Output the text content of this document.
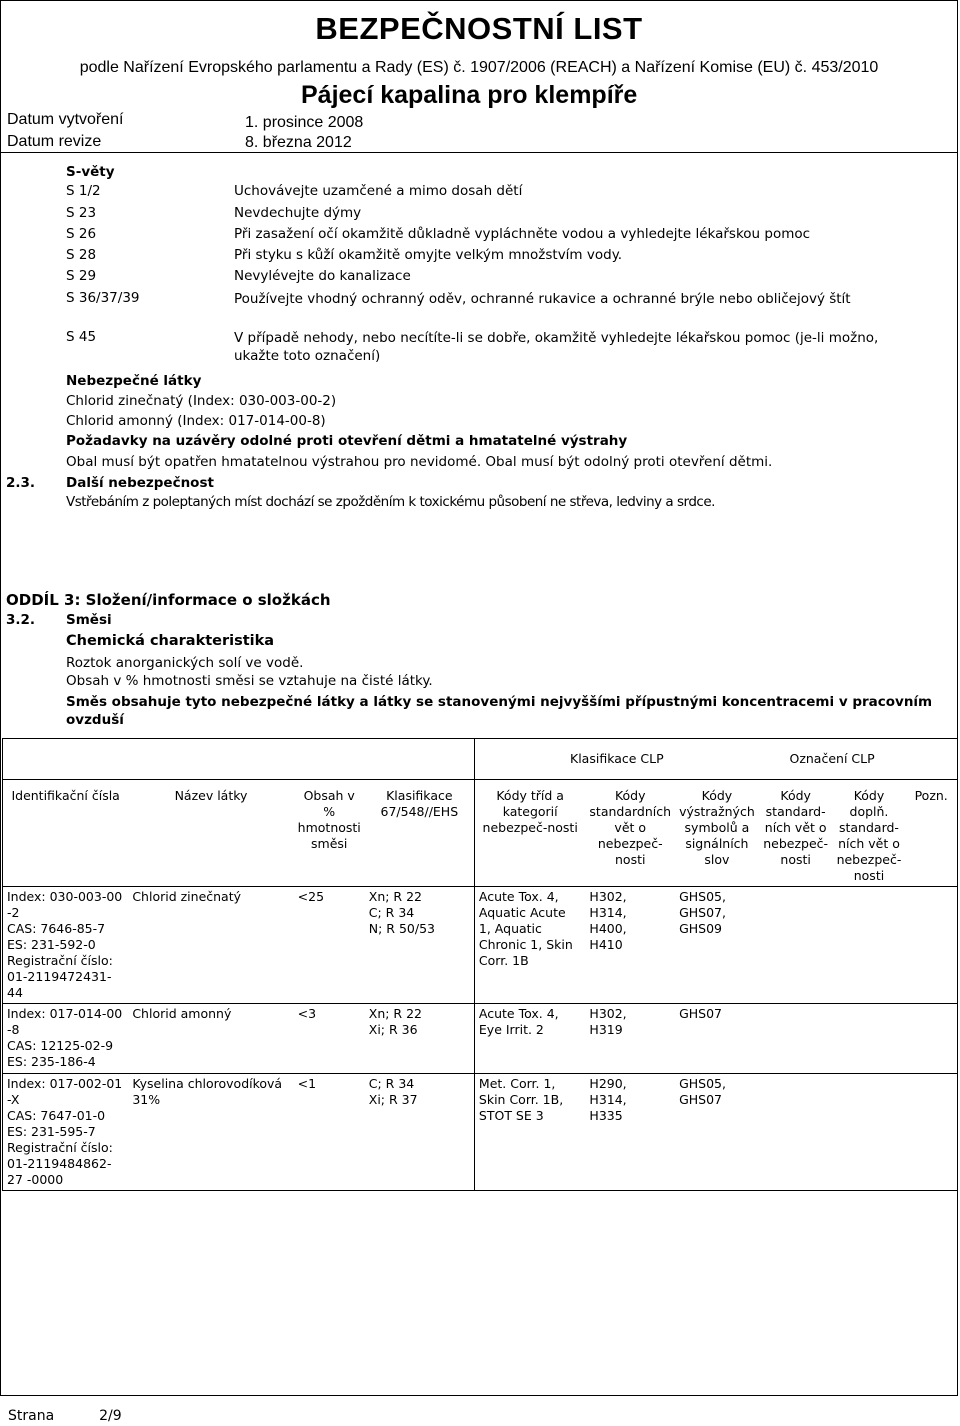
BEZPEČNOSTNÍ LIST
podle Nařízení Evropského parlamentu a Rady (ES) č. 1907/2006 (REACH) a Nařízení Komise (EU) č. 453/2010
Pájecí kapalina pro klempíře
Datum vytvoření	1. prosince 2008
Datum revize	8. března 2012
S-věty
S 1/2	Uchovávejte uzamčené a mimo dosah dětí
S 23	Nevdechujte dýmy
S 26	Při zasažení očí okamžitě důkladně vypláchněte vodou a vyhledejte lékařskou pomoc
S 28	Při styku s kůží okamžitě omyjte velkým množstvím vody.
S 29	Nevylévejte do kanalizace
S 36/37/39	Používejte vhodný ochranný oděv, ochranné rukavice a ochranné brýle nebo obličejový štít
S 45	V případě nehody, nebo necítíte-li se dobře, okamžitě vyhledejte lékařskou pomoc (je-li možno, ukažte toto označení)
Nebezpečné látky
Chlorid zinečnatý (Index: 030-003-00-2)
Chlorid amonný (Index: 017-014-00-8)
Požadavky na uzávěry odolné proti otevření dětmi a hmatatelné výstrahy
Obal musí být opatřen hmatatelnou výstrahou pro nevidomé. Obal musí být odolný proti otevření dětmi.
2.3. Další nebezpečnost
Vstřebáním z poleptaných míst dochází se zpožděním k toxickému působení ne střeva, ledviny a srdce.
ODDÍL 3: Složení/informace o složkách
3.2. Směsi
Chemická charakteristika
Roztok anorganických solí ve vodě.
Obsah v % hmotnosti směsi se vztahuje na čisté látky.
Směs obsahuje tyto nebezpečné látky a látky se stanovenými nejvyššími přípustnými koncentracemi v pracovním ovzduší
				Klasifikace CLP			Označení CLP		
Identifikační čísla	Název látky	Obsah v % hmotnosti směsi	Klasifikace 67/548//EHS	Kódy tříd a kategorií nebezpeč-nosti	Kódy standardních vět o nebezpeč-nosti	Kódy výstražných symbolů a signálních slov	Kódy standard-ních vět o nebezpeč-nosti	Kódy doplň. standard-ních vět o nebezpeč-nosti	Pozn.
Index: 030-003-00 -2
CAS: 7646-85-7
ES: 231-592-0
Registrační číslo: 01-2119472431-44	Chlorid zinečnatý	<25	Xn; R 22
C; R 34
N; R 50/53	Acute Tox. 4, Aquatic Acute 1, Aquatic Chronic 1, Skin Corr. 1B	H302,
H314,
H400,
H410	GHS05,
GHS07,
GHS09			
Index: 017-014-00 -8
CAS: 12125-02-9
ES: 235-186-4	Chlorid amonný	<3	Xn; R 22
Xi; R 36	Acute Tox. 4, Eye Irrit. 2	H302,
H319	GHS07			
Index: 017-002-01 -X
CAS: 7647-01-0
ES: 231-595-7
Registrační číslo: 01-2119484862-27 -0000	Kyselina chlorovodíková 31%	<1	C; R 34
Xi; R 37	Met. Corr. 1, Skin Corr. 1B, STOT SE 3	H290,
H314,
H335	GHS05,
GHS07			
Strana	2/9
